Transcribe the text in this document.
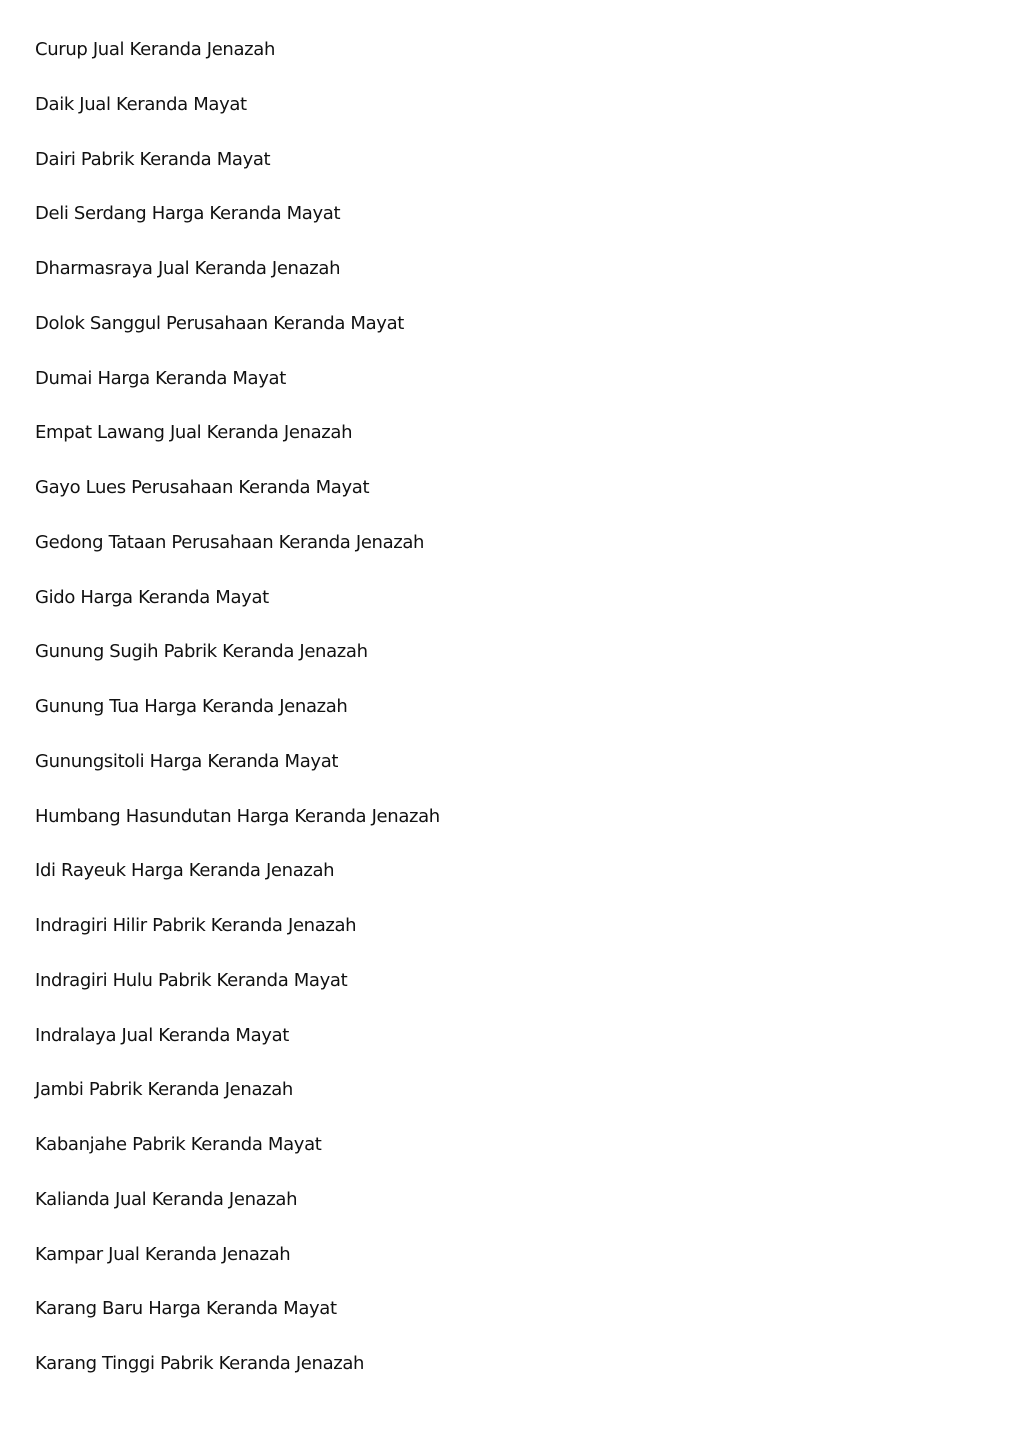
Curup Jual Keranda Jenazah
Daik Jual Keranda Mayat
Dairi Pabrik Keranda Mayat
Deli Serdang Harga Keranda Mayat
Dharmasraya Jual Keranda Jenazah
Dolok Sanggul Perusahaan Keranda Mayat
Dumai Harga Keranda Mayat
Empat Lawang Jual Keranda Jenazah
Gayo Lues Perusahaan Keranda Mayat
Gedong Tataan Perusahaan Keranda Jenazah
Gido Harga Keranda Mayat
Gunung Sugih Pabrik Keranda Jenazah
Gunung Tua Harga Keranda Jenazah
Gunungsitoli Harga Keranda Mayat
Humbang Hasundutan Harga Keranda Jenazah
Idi Rayeuk Harga Keranda Jenazah
Indragiri Hilir Pabrik Keranda Jenazah
Indragiri Hulu Pabrik Keranda Mayat
Indralaya Jual Keranda Mayat
Jambi Pabrik Keranda Jenazah
Kabanjahe Pabrik Keranda Mayat
Kalianda Jual Keranda Jenazah
Kampar Jual Keranda Jenazah
Karang Baru Harga Keranda Mayat
Karang Tinggi Pabrik Keranda Jenazah
